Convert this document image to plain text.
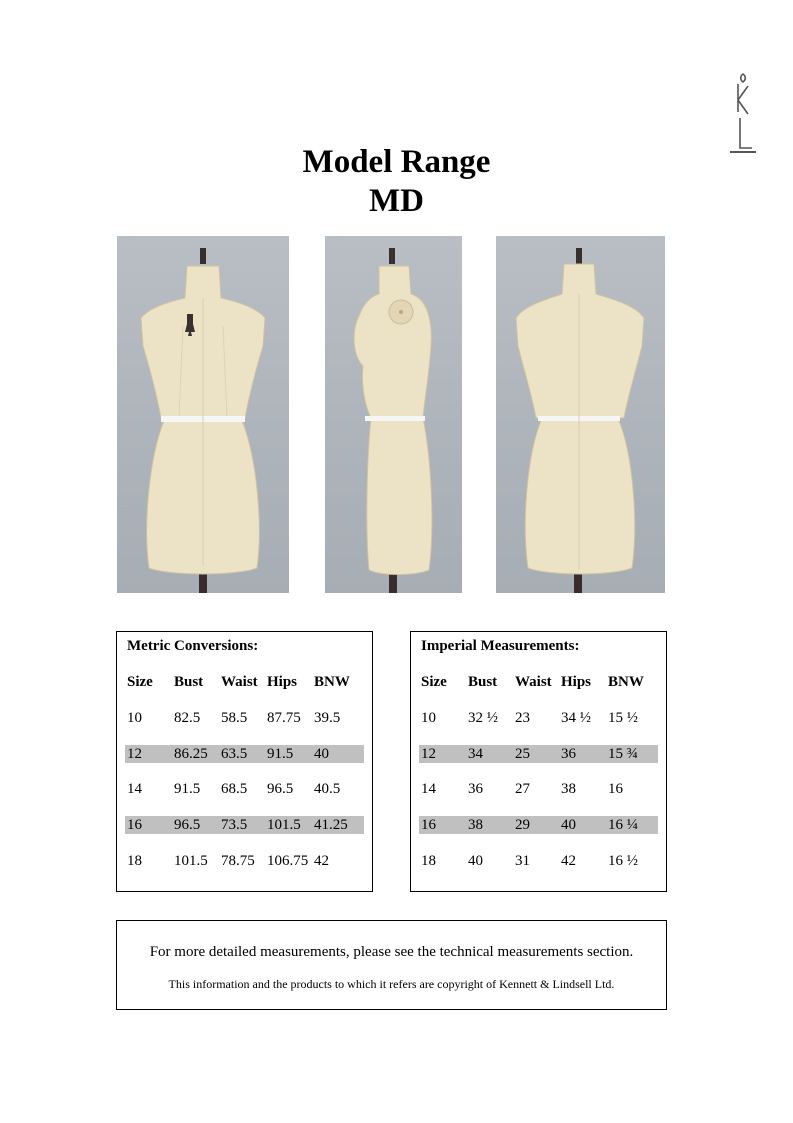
Model Range
MD
Metric Conversions:
Size Bust Waist Hips BNW
10 82.5 58.5 87.75 39.5
12 86.25 63.5 91.5 40
14 91.5 68.5 96.5 40.5
16 96.5 73.5 101.5 41.25
18 101.5 78.75 106.75 42
Imperial Measurements:
Size Bust Waist Hips BNW
10 32 ½ 23 34 ½ 15 ½
12 34 25 36 15 ¾
14 36 27 38 16
16 38 29 40 16 ¼
18 40 31 42 16 ½
For more detailed measurements, please see the technical measurements section.
This information and the products to which it refers are copyright of Kennett & Lindsell Ltd.
